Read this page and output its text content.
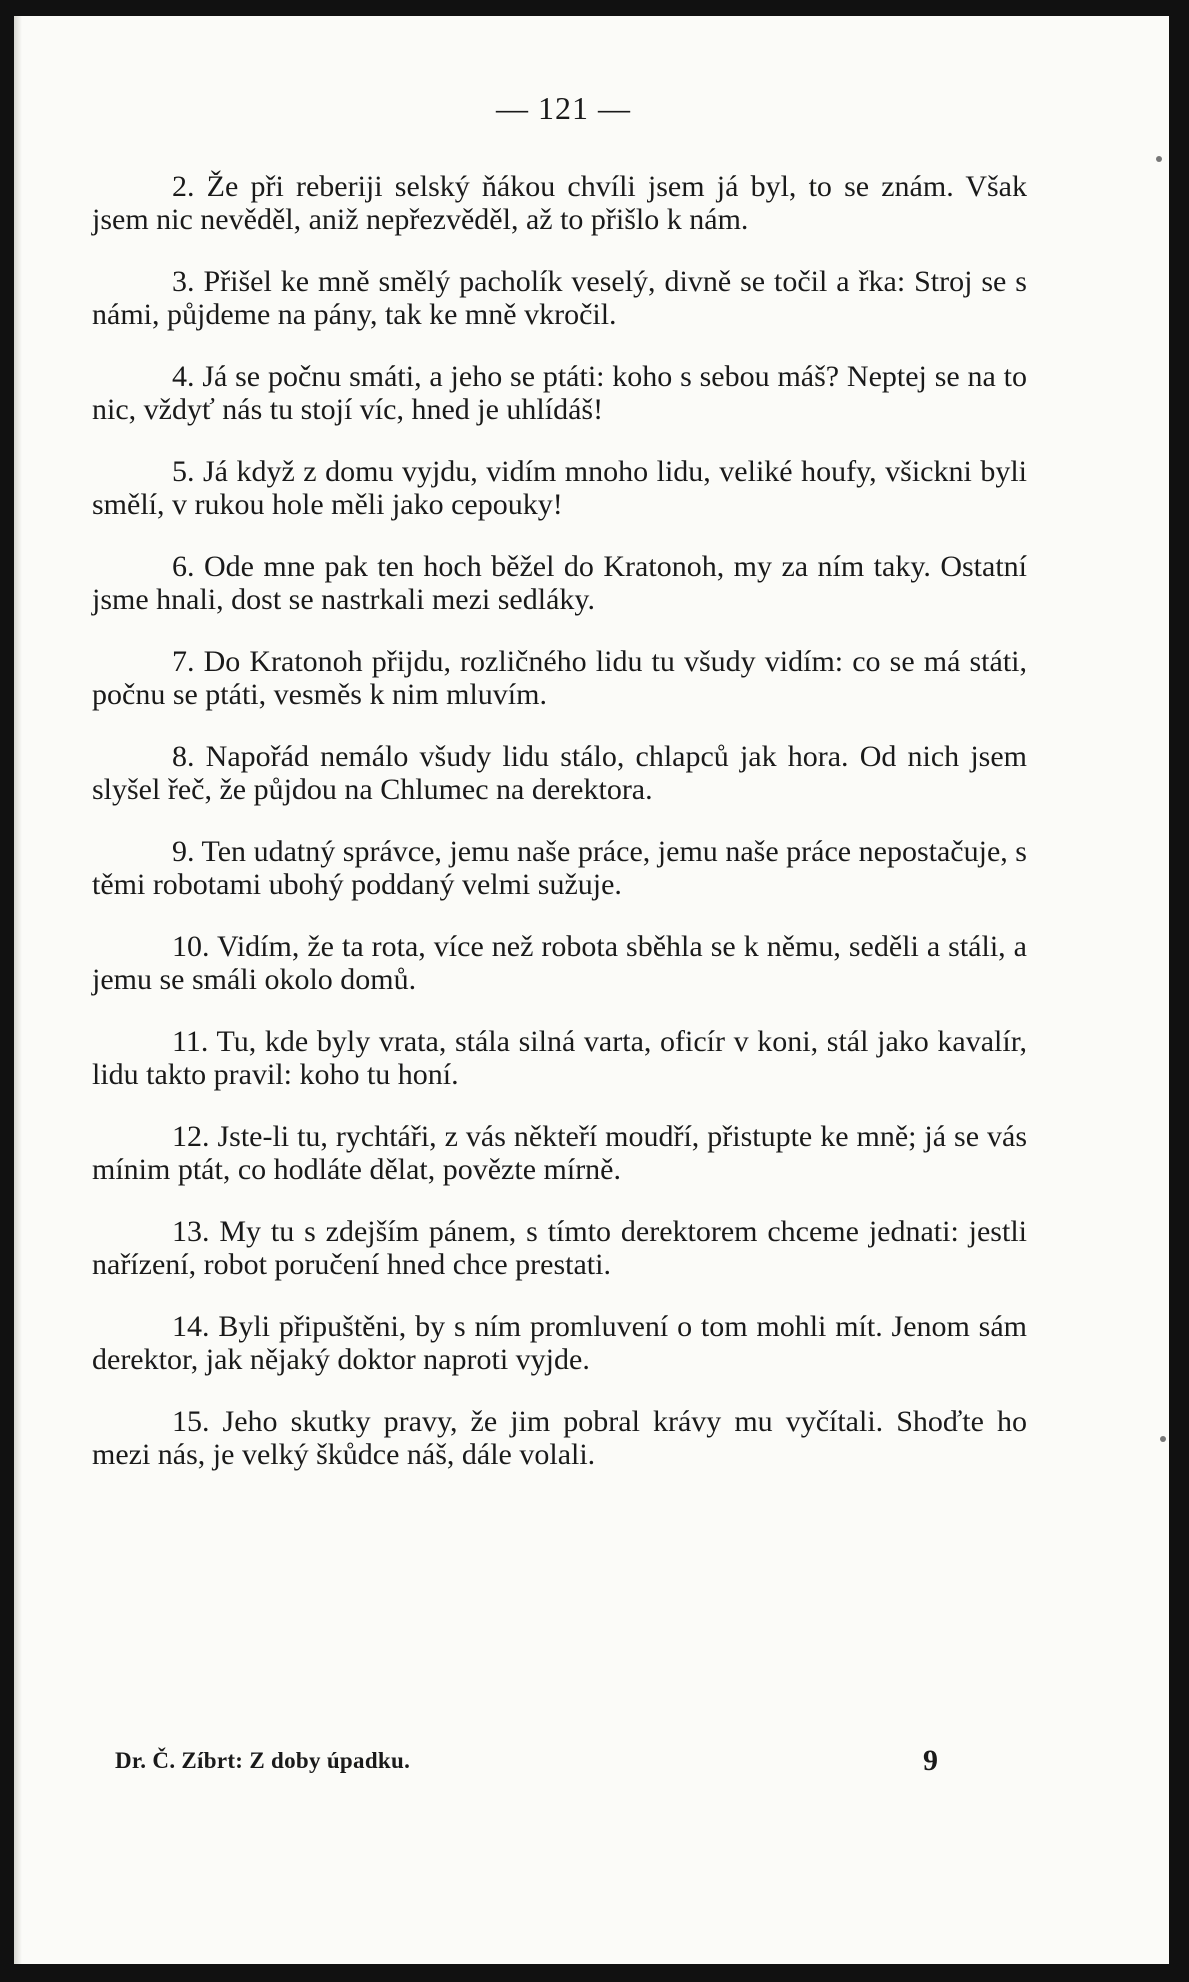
— 121 —

2. Že při reberiji selský ňákou chvíli jsem já byl, to se znám. Však jsem nic nevěděl, aniž nepřezvěděl, až to přišlo k nám.

3. Přišel ke mně smělý pacholík veselý, divně se točil a řka: Stroj se s námi, půjdeme na pány, tak ke mně vkročil.

4. Já se počnu smáti, a jeho se ptáti: koho s sebou máš? Neptej se na to nic, vždyť nás tu stojí víc, hned je uhlídáš!

5. Já když z domu vyjdu, vidím mnoho lidu, veliké houfy, všickni byli smělí, v rukou hole měli jako cepouky!

6. Ode mne pak ten hoch běžel do Kratonoh, my za ním taky. Ostatní jsme hnali, dost se nastrkali mezi sedláky.

7. Do Kratonoh přijdu, rozličného lidu tu všudy vidím: co se má státi, počnu se ptáti, vesměs k nim mluvím.

8. Napořád nemálo všudy lidu stálo, chlapců jak hora. Od nich jsem slyšel řeč, že půjdou na Chlumec na derektora.

9. Ten udatný správce, jemu naše práce, jemu naše práce nepostačuje, s těmi robotami ubohý poddaný velmi sužuje.

10. Vidím, že ta rota, více než robota sběhla se k němu, seděli a stáli, a jemu se smáli okolo domů.

11. Tu, kde byly vrata, stála silná varta, oficír v koni, stál jako kavalír, lidu takto pravil: koho tu honí.

12. Jste-li tu, rychtáři, z vás někteří moudří, přistupte ke mně; já se vás mínim ptát, co hodláte dělat, povězte mírně.

13. My tu s zdejším pánem, s tímto derektorem chceme jednati: jestli nařízení, robot poručení hned chce prestati.

14. Byli připuštěni, by s ním promluvení o tom mohli mít. Jenom sám derektor, jak nějaký doktor naproti vyjde.

15. Jeho skutky pravy, že jim pobral krávy mu vyčítali. Shoďte ho mezi nás, je velký škůdce náš, dále volali.

Dr. Č. Zíbrt: Z doby úpadku.	9
